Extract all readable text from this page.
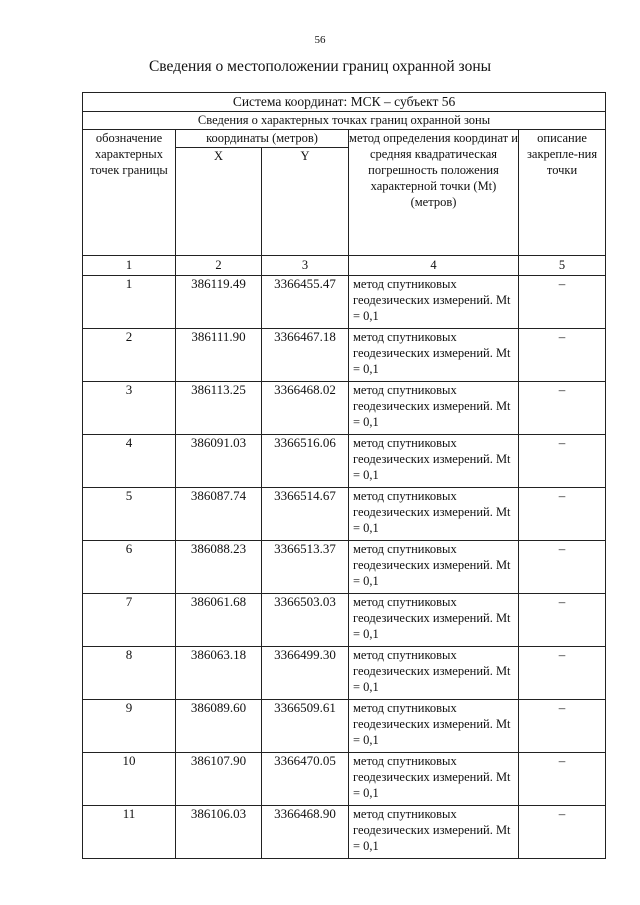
56
Сведения о местоположении границ охранной зоны
Система координат: МСК – субъект 56				
Сведения о характерных точках границ охранной зоны				
обозначение характерных точек границы	координаты (метров)		метод определения координат и средняя квадратическая погрешность положения характерной точки (Mt) (метров)	описание закрепле-ния точки
	X	Y		
1	2	3	4	5
1	386119.49	3366455.47	метод спутниковых геодезических измерений. Mt = 0,1	–
2	386111.90	3366467.18	метод спутниковых геодезических измерений. Mt = 0,1	–
3	386113.25	3366468.02	метод спутниковых геодезических измерений. Mt = 0,1	–
4	386091.03	3366516.06	метод спутниковых геодезических измерений. Mt = 0,1	–
5	386087.74	3366514.67	метод спутниковых геодезических измерений. Mt = 0,1	–
6	386088.23	3366513.37	метод спутниковых геодезических измерений. Mt = 0,1	–
7	386061.68	3366503.03	метод спутниковых геодезических измерений. Mt = 0,1	–
8	386063.18	3366499.30	метод спутниковых геодезических измерений. Mt = 0,1	–
9	386089.60	3366509.61	метод спутниковых геодезических измерений. Mt = 0,1	–
10	386107.90	3366470.05	метод спутниковых геодезических измерений. Mt = 0,1	–
11	386106.03	3366468.90	метод спутниковых геодезических измерений. Mt = 0,1	–
